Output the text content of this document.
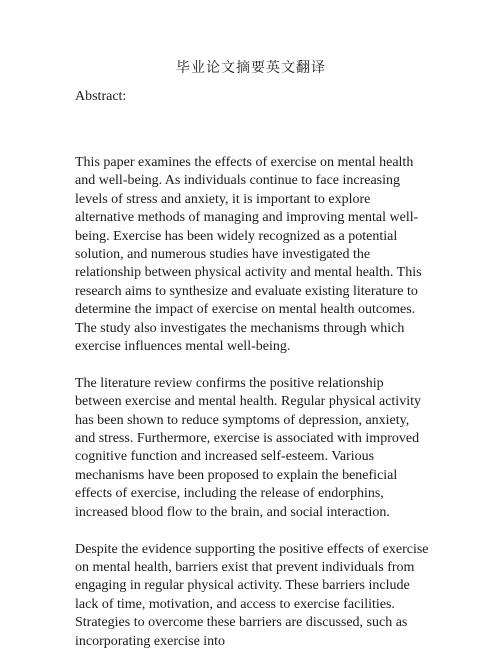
毕业论文摘要英文翻译
Abstract:

This paper examines the effects of exercise on mental health and well-being. As individuals continue to face increasing levels of stress and anxiety, it is important to explore alternative methods of managing and improving mental well-being. Exercise has been widely recognized as a potential solution, and numerous studies have investigated the relationship between physical activity and mental health. This research aims to synthesize and evaluate existing literature to determine the impact of exercise on mental health outcomes. The study also investigates the mechanisms through which exercise influences mental well-being.

The literature review confirms the positive relationship between exercise and mental health. Regular physical activity has been shown to reduce symptoms of depression, anxiety, and stress. Furthermore, exercise is associated with improved cognitive function and increased self-esteem. Various mechanisms have been proposed to explain the beneficial effects of exercise, including the release of endorphins, increased blood flow to the brain, and social interaction.

Despite the evidence supporting the positive effects of exercise on mental health, barriers exist that prevent individuals from engaging in regular physical activity. These barriers include lack of time, motivation, and access to exercise facilities. Strategies to overcome these barriers are discussed, such as incorporating exercise into
